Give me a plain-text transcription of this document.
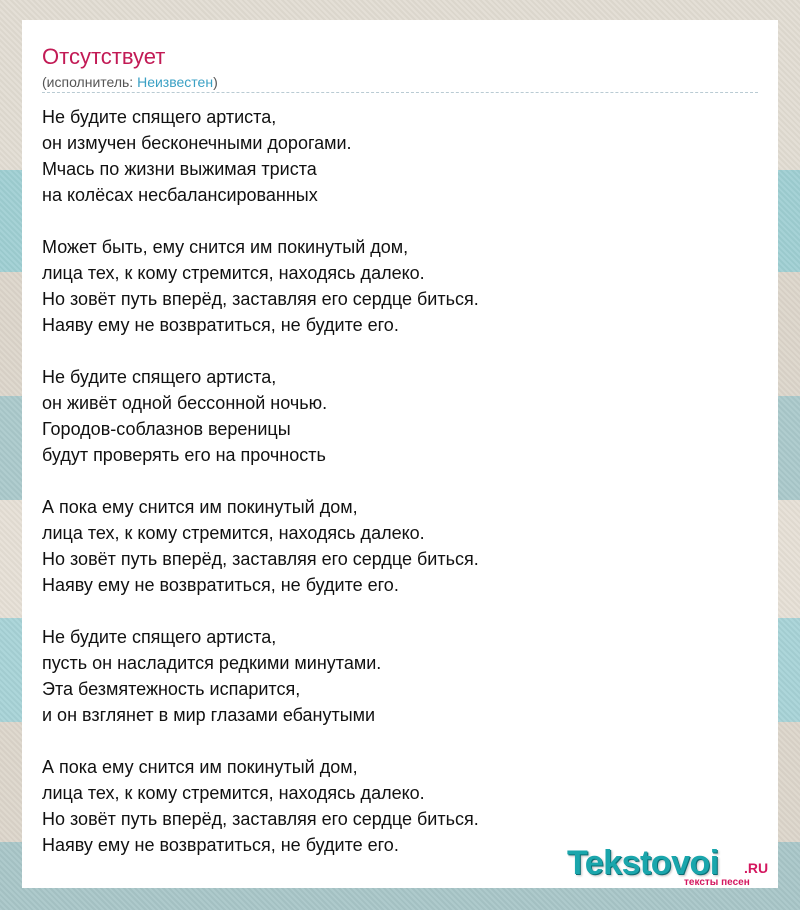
Отсутствует
(исполнитель: Неизвестен)
Не будите спящего артиста,
он измучен бесконечными дорогами.
Мчась по жизни выжимая триста
на колёсах несбалансированных

Может быть, ему снится им покинутый дом,
лица тех, к кому стремится, находясь далеко.
Но зовёт путь вперёд, заставляя его сердце биться.
Наяву ему не возвратиться, не будите его.

Не будите спящего артиста,
он живёт одной бессонной ночью.
Городов-соблазнов вереницы
будут проверять его на прочность

А пока ему снится им покинутый дом,
лица тех, к кому стремится, находясь далеко.
Но зовёт путь вперёд, заставляя его сердце биться.
Наяву ему не возвратиться, не будите его.

Не будите спящего артиста,
пусть он насладится редкими минутами.
Эта безмятежность испарится,
и он взглянет в мир глазами ебанутыми

А пока ему снится им покинутый дом,
лица тех, к кому стремится, находясь далеко.
Но зовёт путь вперёд, заставляя его сердце биться.
Наяву ему не возвратиться, не будите его.	Tekstovoi .RU
тексты песен
